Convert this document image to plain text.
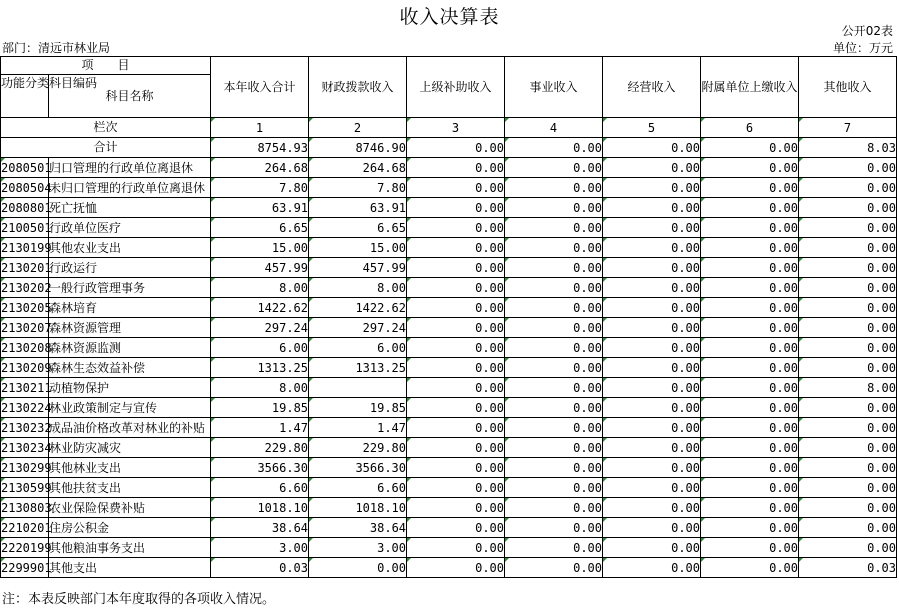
收入决算表
公开02表
部门：清远市林业局	单位：万元
项　　目		本年收入合计	财政拨款收入	上级补助收入	事业收入	经营收入	附属单位上缴收入	其他收入

功能分类科目编码	科目名称							
栏次		1	2	3	4	5	6	7
合计		8754.93	8746.90	0.00	0.00	0.00	0.00	8.03
2080501	归口管理的行政单位离退休	264.68	264.68	0.00	0.00	0.00	0.00	0.00
2080504	未归口管理的行政单位离退休	7.80	7.80	0.00	0.00	0.00	0.00	0.00
2080801	死亡抚恤	63.91	63.91	0.00	0.00	0.00	0.00	0.00
2100501	行政单位医疗	6.65	6.65	0.00	0.00	0.00	0.00	0.00
2130199	其他农业支出	15.00	15.00	0.00	0.00	0.00	0.00	0.00
2130201	行政运行	457.99	457.99	0.00	0.00	0.00	0.00	0.00
2130202	一般行政管理事务	8.00	8.00	0.00	0.00	0.00	0.00	0.00
2130205	森林培育	1422.62	1422.62	0.00	0.00	0.00	0.00	0.00
2130207	森林资源管理	297.24	297.24	0.00	0.00	0.00	0.00	0.00
2130208	森林资源监测	6.00	6.00	0.00	0.00	0.00	0.00	0.00
2130209	森林生态效益补偿	1313.25	1313.25	0.00	0.00	0.00	0.00	0.00
2130211	动植物保护	8.00		0.00	0.00	0.00	0.00	8.00
2130224	林业政策制定与宣传	19.85	19.85	0.00	0.00	0.00	0.00	0.00
2130232	成品油价格改革对林业的补贴	1.47	1.47	0.00	0.00	0.00	0.00	0.00
2130234	林业防灾减灾	229.80	229.80	0.00	0.00	0.00	0.00	0.00
2130299	其他林业支出	3566.30	3566.30	0.00	0.00	0.00	0.00	0.00
2130599	其他扶贫支出	6.60	6.60	0.00	0.00	0.00	0.00	0.00
2130803	农业保险保费补贴	1018.10	1018.10	0.00	0.00	0.00	0.00	0.00
2210201	住房公积金	38.64	38.64	0.00	0.00	0.00	0.00	0.00
2220199	其他粮油事务支出	3.00	3.00	0.00	0.00	0.00	0.00	0.00
2299901	其他支出	0.03	0.00	0.00	0.00	0.00	0.00	0.03
注：本表反映部门本年度取得的各项收入情况。
